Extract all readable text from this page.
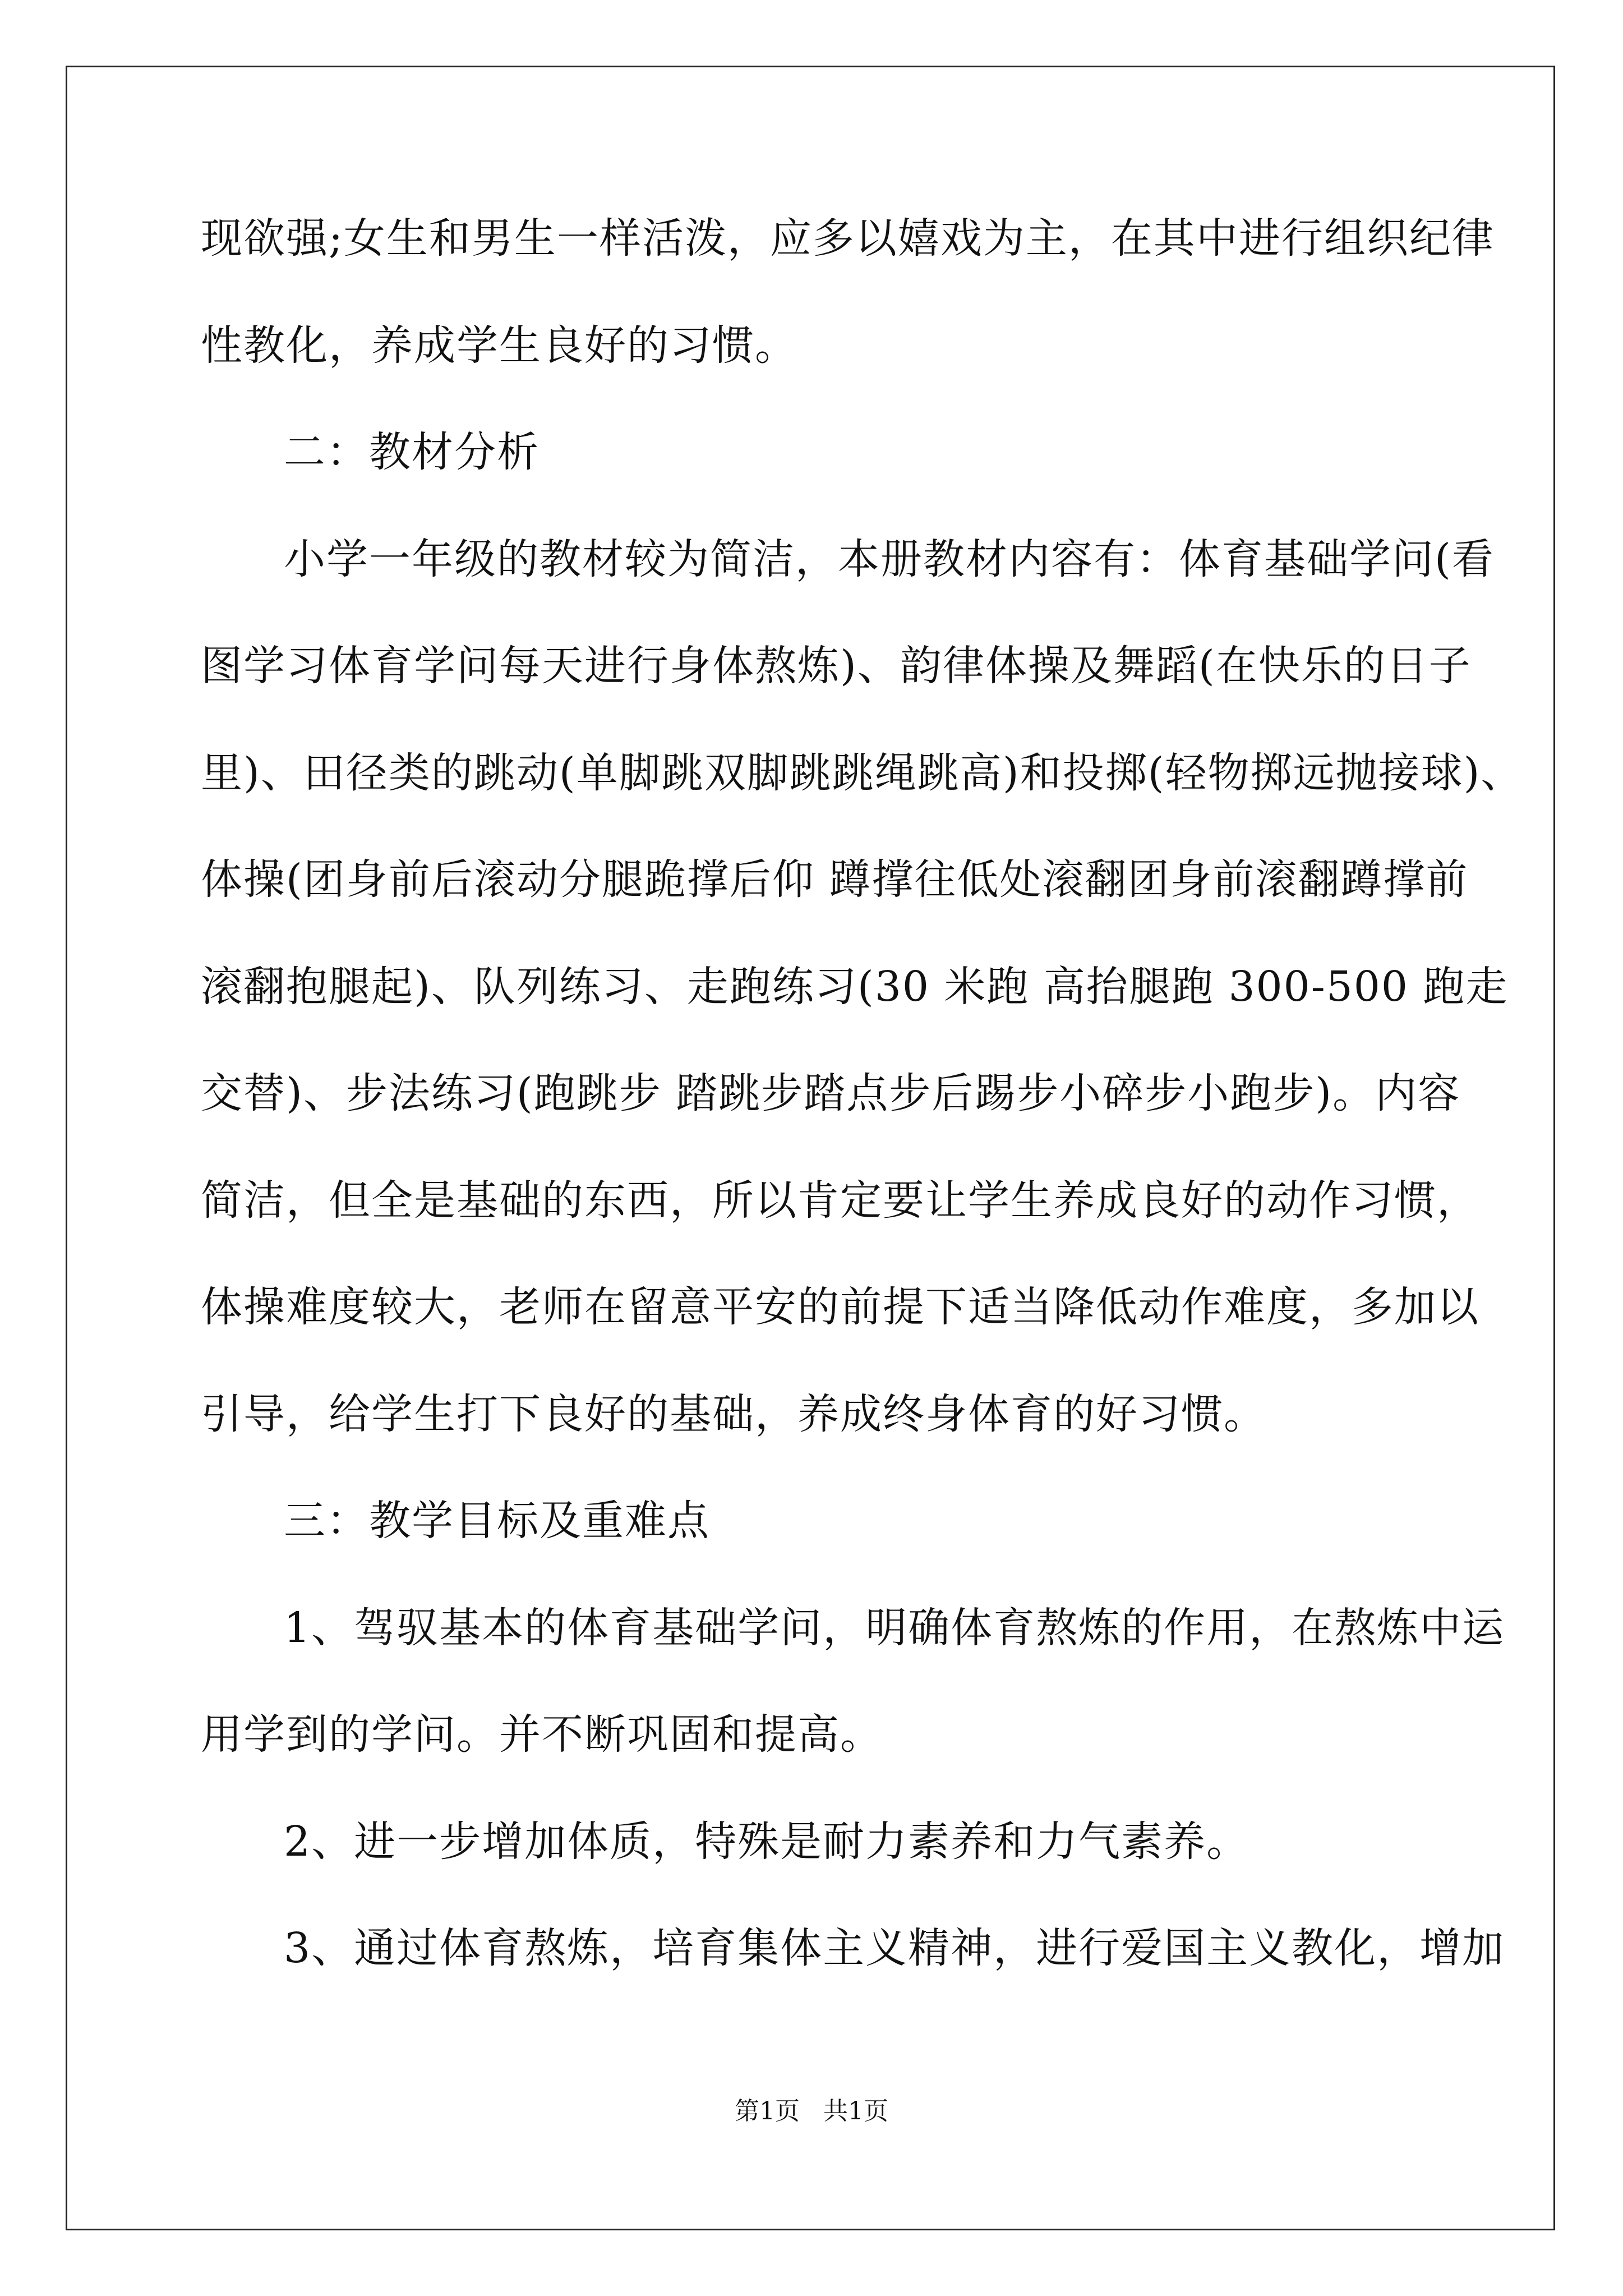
现欲强;女生和男生一样活泼，应多以嬉戏为主，在其中进行组织纪律
性教化，养成学生良好的习惯。
二：教材分析
小学一年级的教材较为简洁，本册教材内容有：体育基础学问(看
图学习体育学问每天进行身体熬炼)、韵律体操及舞蹈(在快乐的日子
里)、田径类的跳动(单脚跳双脚跳跳绳跳高)和投掷(轻物掷远抛接球)、
体操(团身前后滚动分腿跪撑后仰 蹲撑往低处滚翻团身前滚翻蹲撑前
滚翻抱腿起)、队列练习、走跑练习(30 米跑 高抬腿跑 300-500 跑走
交替)、步法练习(跑跳步 踏跳步踏点步后踢步小碎步小跑步)。内容
简洁，但全是基础的东西，所以肯定要让学生养成良好的动作习惯，
体操难度较大，老师在留意平安的前提下适当降低动作难度，多加以
引导，给学生打下良好的基础，养成终身体育的好习惯。
三：教学目标及重难点
1、驾驭基本的体育基础学问，明确体育熬炼的作用，在熬炼中运
用学到的学问。并不断巩固和提高。
2、进一步增加体质，特殊是耐力素养和力气素养。
3、通过体育熬炼，培育集体主义精神，进行爱国主义教化，增加
第1页   共1页
